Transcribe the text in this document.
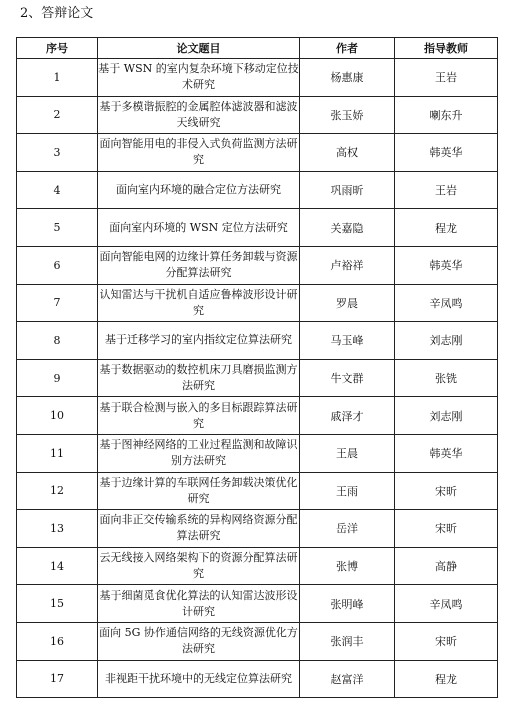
2、答辩论文
序号	论文题目	作者	指导教师
1	基于 WSN 的室内复杂环境下移动定位技术研究	杨惠康	王岩
2	基于多模谐振腔的金属腔体滤波器和滤波天线研究	张玉娇	喇东升
3	面向智能用电的非侵入式负荷监测方法研究	高权	韩英华
4	面向室内环境的融合定位方法研究	巩雨昕	王岩
5	面向室内环境的 WSN 定位方法研究	关嘉隐	程龙
6	面向智能电网的边缘计算任务卸载与资源分配算法研究	卢裕祥	韩英华
7	认知雷达与干扰机自适应鲁棒波形设计研究	罗晨	辛凤鸣
8	基于迁移学习的室内指纹定位算法研究	马玉峰	刘志刚
9	基于数据驱动的数控机床刀具磨损监测方法研究	牛文群	张铣
10	基于联合检测与嵌入的多目标跟踪算法研究	戚泽才	刘志刚
11	基于图神经网络的工业过程监测和故障识别方法研究	王晨	韩英华
12	基于边缘计算的车联网任务卸载决策优化研究	王雨	宋昕
13	面向非正交传输系统的异构网络资源分配算法研究	岳洋	宋昕
14	云无线接入网络架构下的资源分配算法研究	张博	高静
15	基于细菌觅食优化算法的认知雷达波形设计研究	张明峰	辛凤鸣
16	面向 5G 协作通信网络的无线资源优化方法研究	张润丰	宋昕
17	非视距干扰环境中的无线定位算法研究	赵富洋	程龙
